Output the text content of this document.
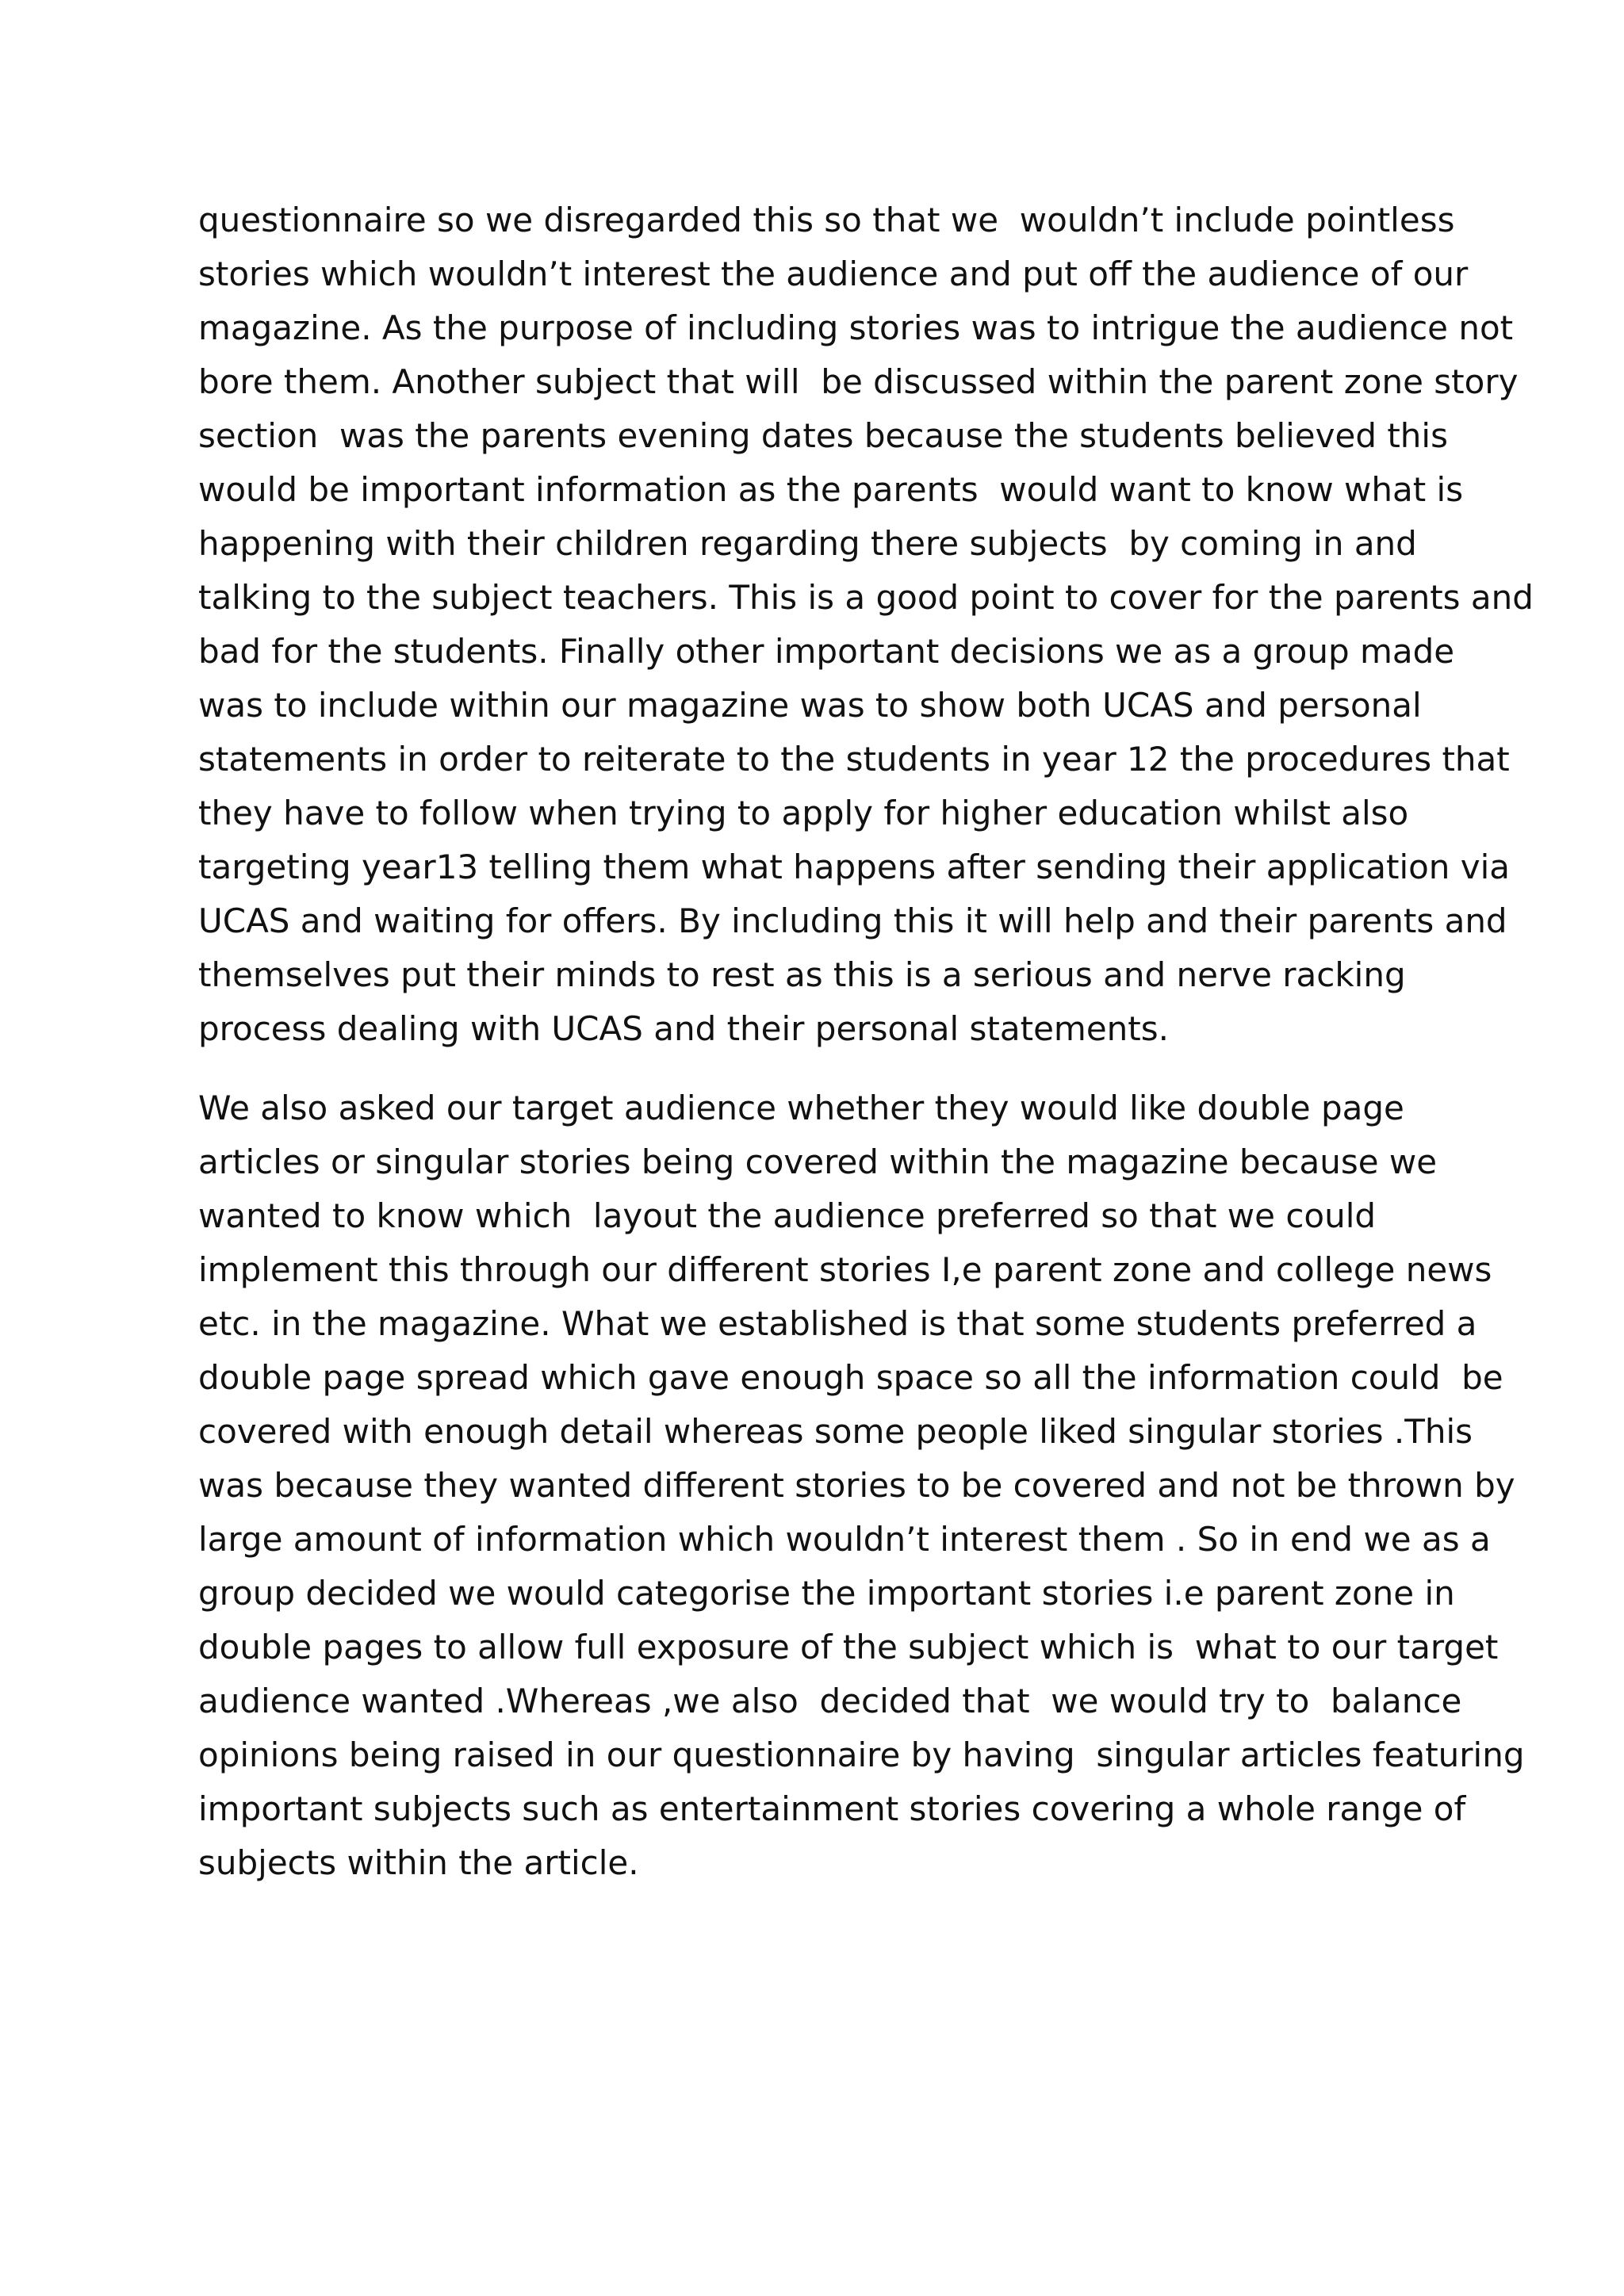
questionnaire so we disregarded this so that we  wouldn’t include pointless
stories which wouldn’t interest the audience and put off the audience of our
magazine. As the purpose of including stories was to intrigue the audience not
bore them. Another subject that will  be discussed within the parent zone story
section  was the parents evening dates because the students believed this
would be important information as the parents  would want to know what is
happening with their children regarding there subjects  by coming in and
talking to the subject teachers. This is a good point to cover for the parents and
bad for the students. Finally other important decisions we as a group made
was to include within our magazine was to show both UCAS and personal
statements in order to reiterate to the students in year 12 the procedures that
they have to follow when trying to apply for higher education whilst also
targeting year13 telling them what happens after sending their application via
UCAS and waiting for offers. By including this it will help and their parents and
themselves put their minds to rest as this is a serious and nerve racking
process dealing with UCAS and their personal statements.
We also asked our target audience whether they would like double page
articles or singular stories being covered within the magazine because we
wanted to know which  layout the audience preferred so that we could
implement this through our different stories I,e parent zone and college news
etc. in the magazine. What we established is that some students preferred a
double page spread which gave enough space so all the information could  be
covered with enough detail whereas some people liked singular stories .This
was because they wanted different stories to be covered and not be thrown by
large amount of information which wouldn’t interest them . So in end we as a
group decided we would categorise the important stories i.e parent zone in
double pages to allow full exposure of the subject which is  what to our target
audience wanted .Whereas ,we also  decided that  we would try to  balance
opinions being raised in our questionnaire by having  singular articles featuring
important subjects such as entertainment stories covering a whole range of
subjects within the article.
